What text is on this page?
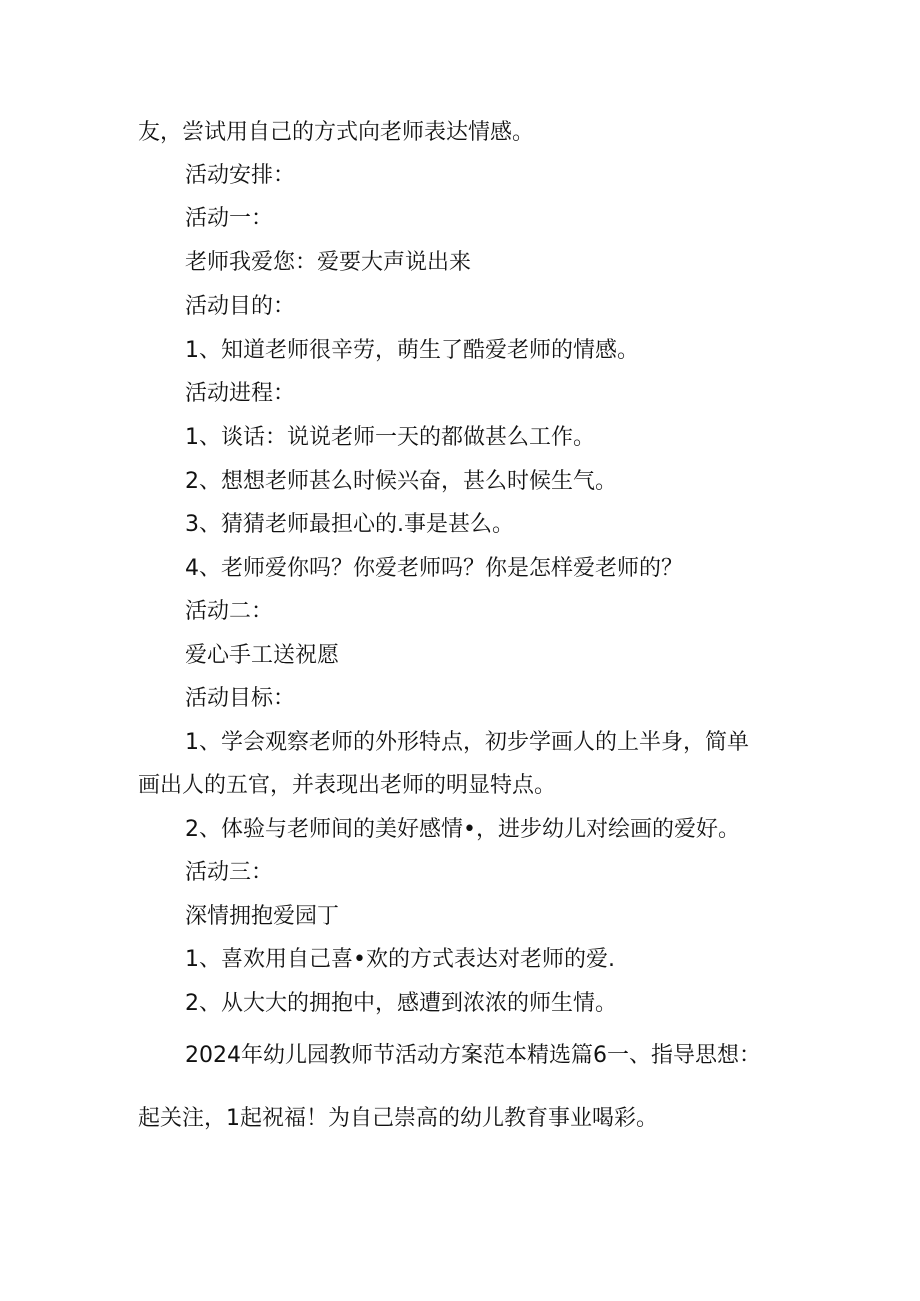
友，尝试用自己的方式向老师表达情感。
活动安排：
活动一：
老师我爱您：爱要大声说出来
活动目的：
1、知道老师很辛劳，萌生了酷爱老师的情感。
活动进程：
1、谈话：说说老师一天的都做甚么工作。
2、想想老师甚么时候兴奋，甚么时候生气。
3、猜猜老师最担心的.事是甚么。
4、老师爱你吗？你爱老师吗？你是怎样爱老师的？
活动二：
爱心手工送祝愿
活动目标：
1、学会观察老师的外形特点，初步学画人的上半身，简单
画出人的五官，并表现出老师的明显特点。
2、体验与老师间的美好感情•，进步幼儿对绘画的爱好。
活动三：
深情拥抱爱园丁
1、喜欢用自己喜•欢的方式表达对老师的爱.
2、从大大的拥抱中，感遭到浓浓的师生情。
2024年幼儿园教师节活动方案范本精选篇6一、指导思想：
起关注，1起祝福！为自己崇高的幼儿教育事业喝彩。
